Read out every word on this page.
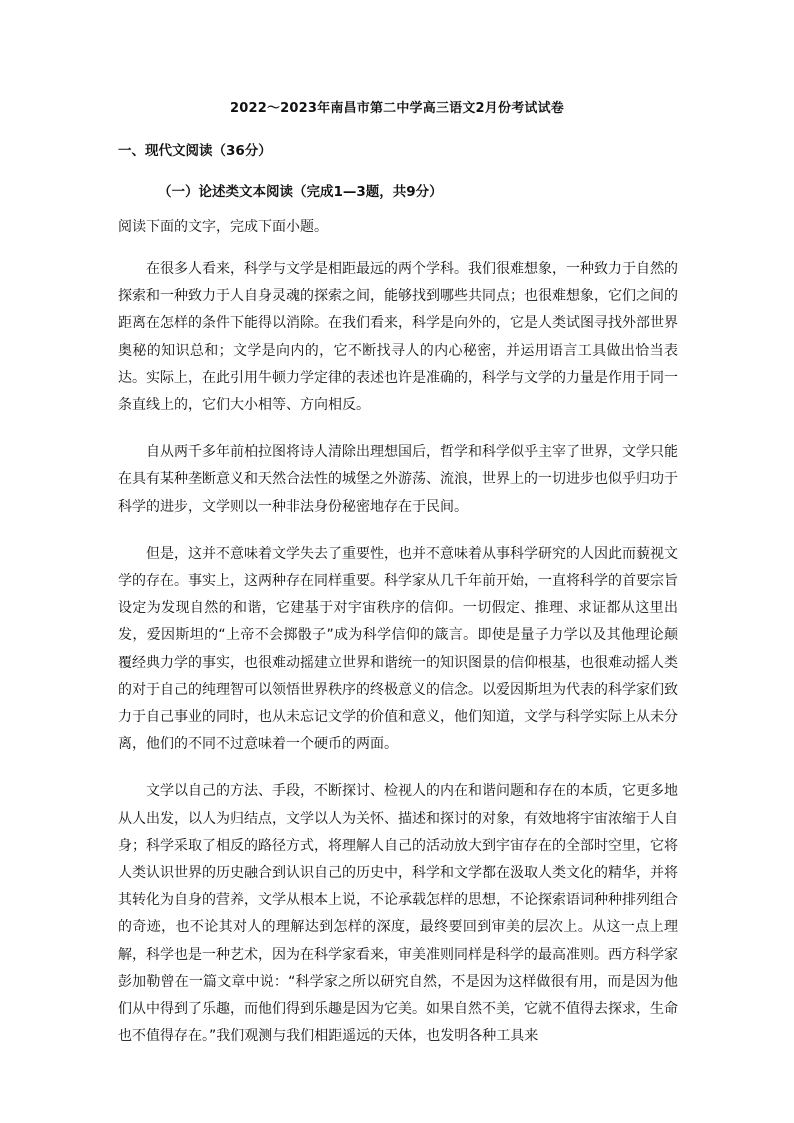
2022～2023年南昌市第二中学高三语文2月份考试试卷
一、现代文阅读（36分）
（一）论述类文本阅读（完成1—3题，共9分）
阅读下面的文字，完成下面小题。

在很多人看来，科学与文学是相距最远的两个学科。我们很难想象，一种致力于自然的探索和一种致力于人自身灵魂的探索之间，能够找到哪些共同点；也很难想象，它们之间的距离在怎样的条件下能得以消除。在我们看来，科学是向外的，它是人类试图寻找外部世界奥秘的知识总和；文学是向内的，它不断找寻人的内心秘密，并运用语言工具做出恰当表达。实际上，在此引用牛顿力学定律的表述也许是准确的，科学与文学的力量是作用于同一条直线上的，它们大小相等、方向相反。

自从两千多年前柏拉图将诗人清除出理想国后，哲学和科学似乎主宰了世界，文学只能在具有某种垄断意义和天然合法性的城堡之外游荡、流浪，世界上的一切进步也似乎归功于科学的进步，文学则以一种非法身份秘密地存在于民间。

但是，这并不意味着文学失去了重要性，也并不意味着从事科学研究的人因此而藐视文学的存在。事实上，这两种存在同样重要。科学家从几千年前开始，一直将科学的首要宗旨设定为发现自然的和谐，它建基于对宇宙秩序的信仰。一切假定、推理、求证都从这里出发，爱因斯坦的“上帝不会掷骰子”成为科学信仰的箴言。即使是量子力学以及其他理论颠覆经典力学的事实，也很难动摇建立世界和谐统一的知识图景的信仰根基，也很难动摇人类的对于自己的纯理智可以领悟世界秩序的终极意义的信念。以爱因斯坦为代表的科学家们致力于自己事业的同时，也从未忘记文学的价值和意义，他们知道，文学与科学实际上从未分离，他们的不同不过意味着一个硬币的两面。

文学以自己的方法、手段，不断探讨、检视人的内在和谐问题和存在的本质，它更多地从人出发，以人为归结点，文学以人为关怀、描述和探讨的对象，有效地将宇宙浓缩于人自身；科学采取了相反的路径方式，将理解人自己的活动放大到宇宙存在的全部时空里，它将人类认识世界的历史融合到认识自己的历史中，科学和文学都在汲取人类文化的精华，并将其转化为自身的营养，文学从根本上说，不论承载怎样的思想，不论探索语词种种排列组合的奇迹，也不论其对人的理解达到怎样的深度，最终要回到审美的层次上。从这一点上理解，科学也是一种艺术，因为在科学家看来，审美准则同样是科学的最高准则。西方科学家彭加勒曾在一篇文章中说：“科学家之所以研究自然，不是因为这样做很有用，而是因为他们从中得到了乐趣，而他们得到乐趣是因为它美。如果自然不美，它就不值得去探求，生命也不值得存在。”我们观测与我们相距遥远的天体，也发明各种工具来
